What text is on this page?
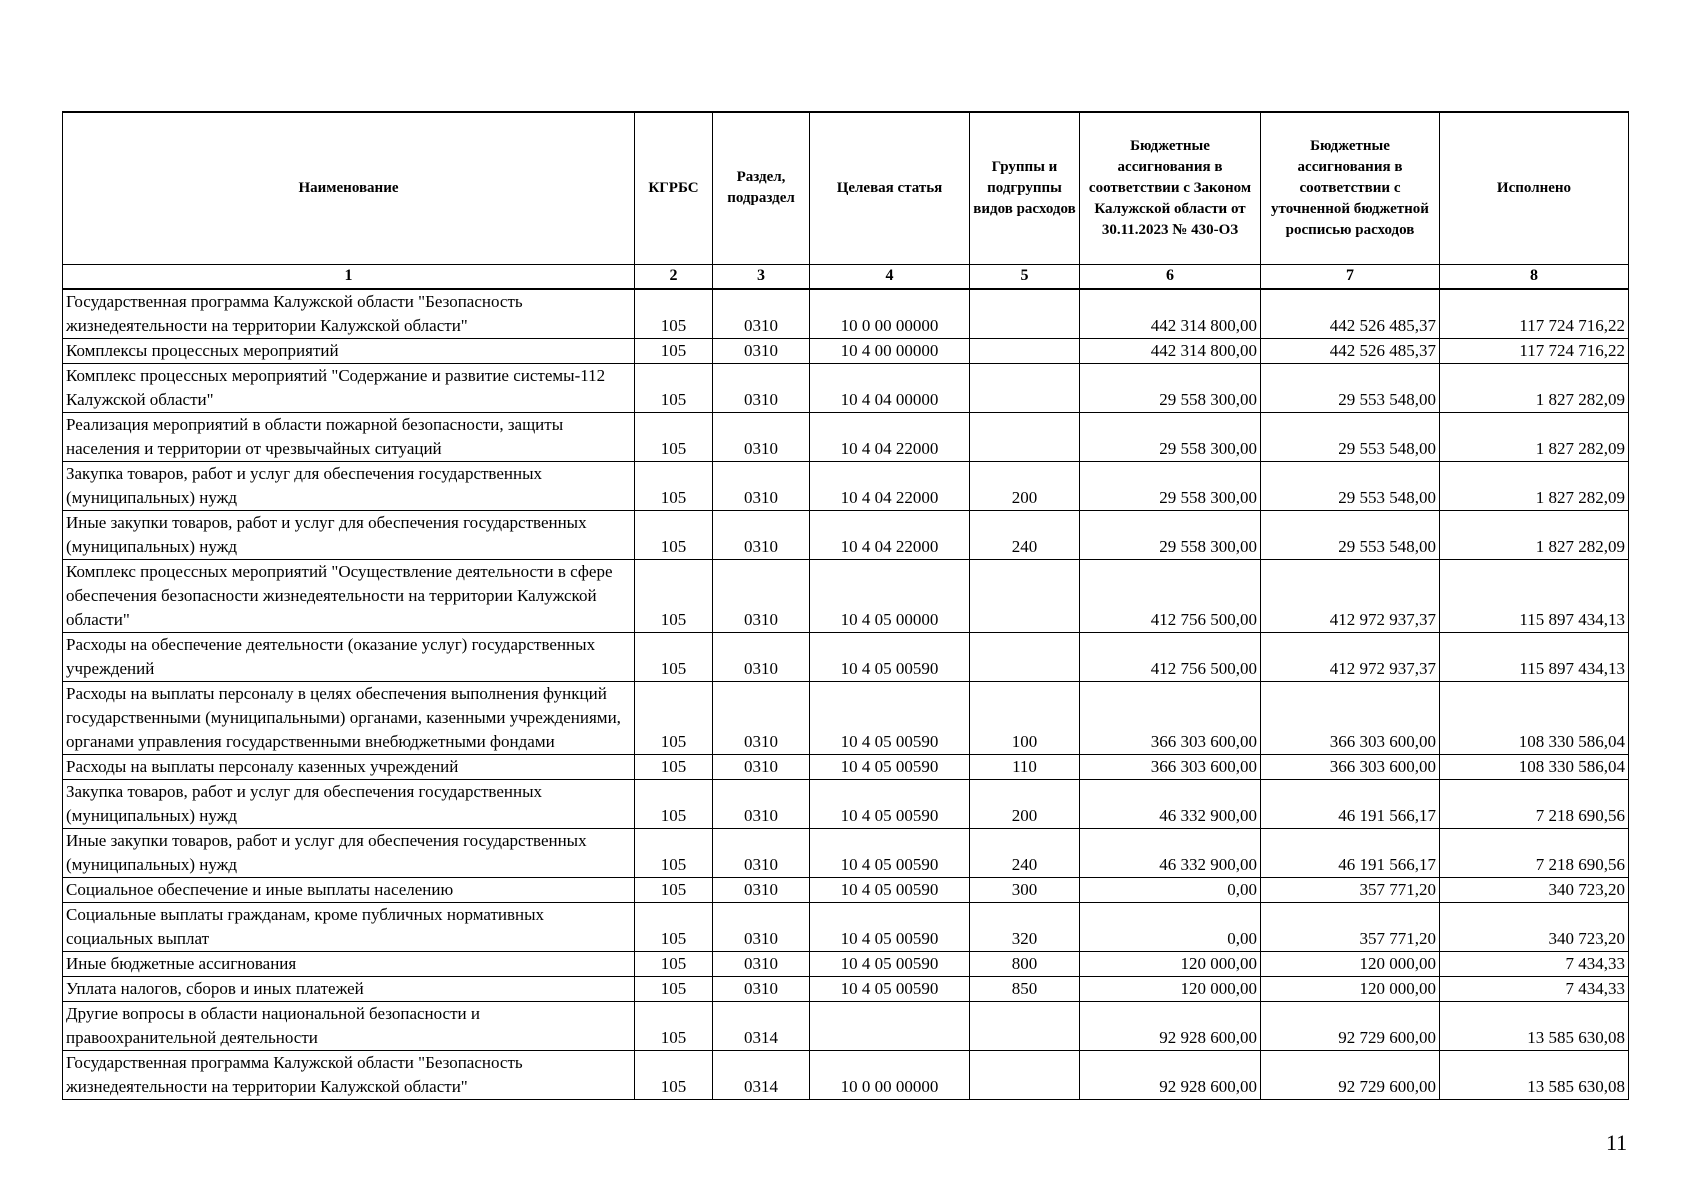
Наименование	КГРБС	Раздел, подраздел	Целевая статья	Группы и подгруппы видов расходов	Бюджетные ассигнования в соответствии с Законом Калужской области от 30.11.2023 № 430-ОЗ	Бюджетные ассигнования в соответствии с уточненной бюджетной росписью расходов	Исполнено
1	2	3	4	5	6	7	8
Государственная программа Калужской области "Безопасность жизнедеятельности на территории Калужской области"	105	0310	10 0 00 00000		442 314 800,00	442 526 485,37	117 724 716,22
Комплексы процессных мероприятий	105	0310	10 4 00 00000		442 314 800,00	442 526 485,37	117 724 716,22
Комплекс процессных мероприятий "Содержание и развитие системы-112 Калужской области"	105	0310	10 4 04 00000		29 558 300,00	29 553 548,00	1 827 282,09
Реализация мероприятий в области пожарной безопасности, защиты населения и территории от чрезвычайных ситуаций	105	0310	10 4 04 22000		29 558 300,00	29 553 548,00	1 827 282,09
Закупка товаров, работ и услуг для обеспечения государственных (муниципальных) нужд	105	0310	10 4 04 22000	200	29 558 300,00	29 553 548,00	1 827 282,09
Иные закупки товаров, работ и услуг для обеспечения государственных (муниципальных) нужд	105	0310	10 4 04 22000	240	29 558 300,00	29 553 548,00	1 827 282,09
Комплекс процессных мероприятий "Осуществление деятельности в сфере обеспечения безопасности жизнедеятельности на территории Калужской области"	105	0310	10 4 05 00000		412 756 500,00	412 972 937,37	115 897 434,13
Расходы на обеспечение деятельности (оказание услуг) государственных учреждений	105	0310	10 4 05 00590		412 756 500,00	412 972 937,37	115 897 434,13
Расходы на выплаты персоналу в целях обеспечения выполнения функций государственными (муниципальными) органами, казенными учреждениями, органами управления государственными внебюджетными фондами	105	0310	10 4 05 00590	100	366 303 600,00	366 303 600,00	108 330 586,04
Расходы на выплаты персоналу казенных учреждений	105	0310	10 4 05 00590	110	366 303 600,00	366 303 600,00	108 330 586,04
Закупка товаров, работ и услуг для обеспечения государственных (муниципальных) нужд	105	0310	10 4 05 00590	200	46 332 900,00	46 191 566,17	7 218 690,56
Иные закупки товаров, работ и услуг для обеспечения государственных (муниципальных) нужд	105	0310	10 4 05 00590	240	46 332 900,00	46 191 566,17	7 218 690,56
Социальное обеспечение и иные выплаты населению	105	0310	10 4 05 00590	300	0,00	357 771,20	340 723,20
Социальные выплаты гражданам, кроме публичных нормативных социальных выплат	105	0310	10 4 05 00590	320	0,00	357 771,20	340 723,20
Иные бюджетные ассигнования	105	0310	10 4 05 00590	800	120 000,00	120 000,00	7 434,33
Уплата налогов, сборов и иных платежей	105	0310	10 4 05 00590	850	120 000,00	120 000,00	7 434,33
Другие вопросы в области национальной безопасности и правоохранительной деятельности	105	0314			92 928 600,00	92 729 600,00	13 585 630,08
Государственная программа Калужской области "Безопасность жизнедеятельности на территории Калужской области"	105	0314	10 0 00 00000		92 928 600,00	92 729 600,00	13 585 630,08
11
